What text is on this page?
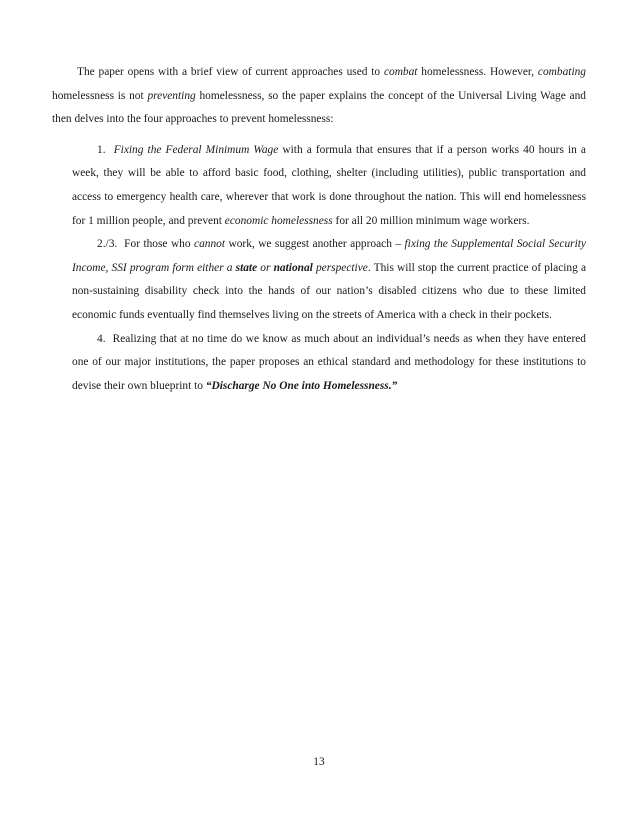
The paper opens with a brief view of current approaches used to combat homelessness. However, combating homelessness is not preventing homelessness, so the paper explains the concept of the Universal Living Wage and then delves into the four approaches to prevent homelessness:

1. Fixing the Federal Minimum Wage with a formula that ensures that if a person works 40 hours in a week, they will be able to afford basic food, clothing, shelter (including utilities), public transportation and access to emergency health care, wherever that work is done throughout the nation. This will end homelessness for 1 million people, and prevent economic homelessness for all 20 million minimum wage workers.

2./3. For those who cannot work, we suggest another approach – fixing the Supplemental Social Security Income, SSI program form either a state or national perspective. This will stop the current practice of placing a non-sustaining disability check into the hands of our nation’s disabled citizens who due to these limited economic funds eventually find themselves living on the streets of America with a check in their pockets.

4. Realizing that at no time do we know as much about an individual’s needs as when they have entered one of our major institutions, the paper proposes an ethical standard and methodology for these institutions to devise their own blueprint to “Discharge No One into Homelessness.”

13
